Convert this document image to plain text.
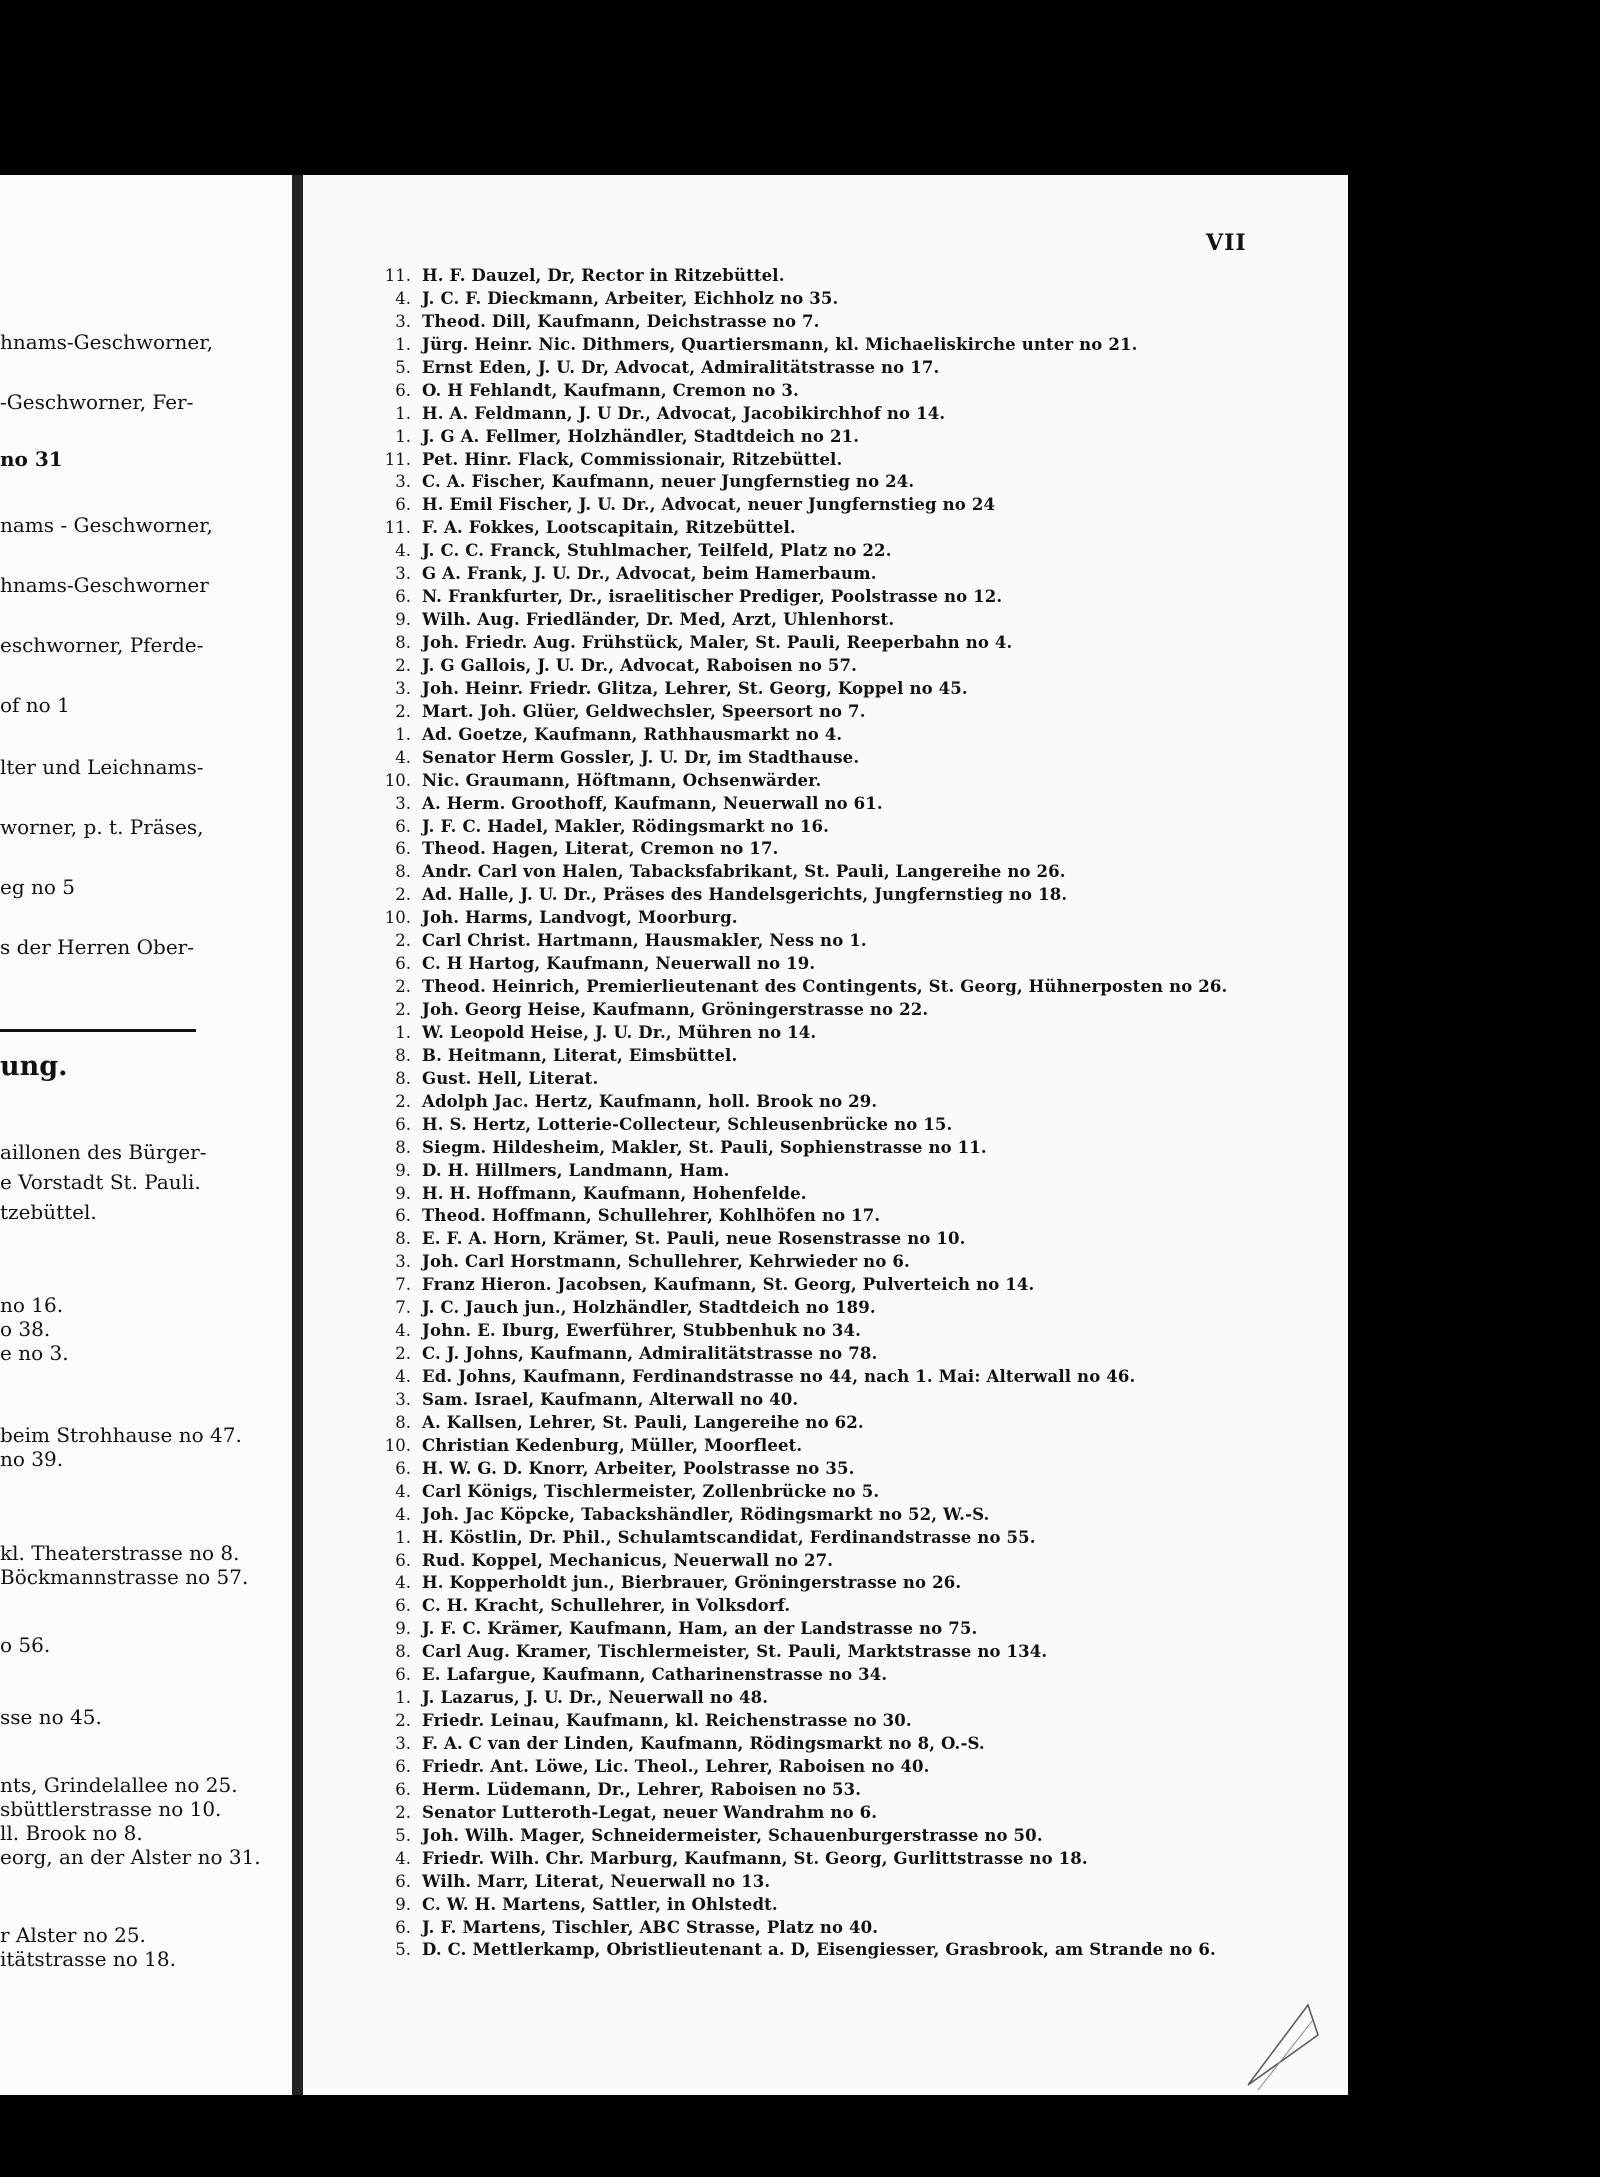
hnams-Geschworner,
-Geschworner, Fer-
no 31
nams - Geschworner,
hnams-Geschworner
eschworner, Pferde-
of no 1
lter und Leichnams-
worner, p. t. Präses,
eg no 5
s der Herren Ober-
ung.
aillonen des Bürger-
e Vorstadt St. Pauli.
tzebüttel.
no 16.
o 38.
e no 3.
beim Strohhause no 47.
no 39.
kl. Theaterstrasse no 8.
Böckmannstrasse no 57.
o 56.
sse no 45.
nts, Grindelallee no 25.
sbüttlerstrasse no 10.
ll. Brook no 8.
eorg, an der Alster no 31.
r Alster no 25.
itätstrasse no 18.
VII
11. H. F. Dauzel, Dr, Rector in Ritzebüttel.
4. J. C. F. Dieckmann, Arbeiter, Eichholz no 35.
3. Theod. Dill, Kaufmann, Deichstrasse no 7.
1. Jürg. Heinr. Nic. Dithmers, Quartiersmann, kl. Michaeliskirche unter no 21.
5. Ernst Eden, J. U. Dr, Advocat, Admiralitätstrasse no 17.
6. O. H Fehlandt, Kaufmann, Cremon no 3.
1. H. A. Feldmann, J. U Dr., Advocat, Jacobikirchhof no 14.
1. J. G A. Fellmer, Holzhändler, Stadtdeich no 21.
11. Pet. Hinr. Flack, Commissionair, Ritzebüttel.
3. C. A. Fischer, Kaufmann, neuer Jungfernstieg no 24.
6. H. Emil Fischer, J. U. Dr., Advocat, neuer Jungfernstieg no 24
11. F. A. Fokkes, Lootscapitain, Ritzebüttel.
4. J. C. C. Franck, Stuhlmacher, Teilfeld, Platz no 22.
3. G A. Frank, J. U. Dr., Advocat, beim Hamerbaum.
6. N. Frankfurter, Dr., israelitischer Prediger, Poolstrasse no 12.
9. Wilh. Aug. Friedländer, Dr. Med, Arzt, Uhlenhorst.
8. Joh. Friedr. Aug. Frühstück, Maler, St. Pauli, Reeperbahn no 4.
2. J. G Gallois, J. U. Dr., Advocat, Raboisen no 57.
3. Joh. Heinr. Friedr. Glitza, Lehrer, St. Georg, Koppel no 45.
2. Mart. Joh. Glüer, Geldwechsler, Speersort no 7.
1. Ad. Goetze, Kaufmann, Rathhausmarkt no 4.
4. Senator Herm Gossler, J. U. Dr, im Stadthause.
10. Nic. Graumann, Höftmann, Ochsenwärder.
3. A. Herm. Groothoff, Kaufmann, Neuerwall no 61.
6. J. F. C. Hadel, Makler, Rödingsmarkt no 16.
6. Theod. Hagen, Literat, Cremon no 17.
8. Andr. Carl von Halen, Tabacksfabrikant, St. Pauli, Langereihe no 26.
2. Ad. Halle, J. U. Dr., Präses des Handelsgerichts, Jungfernstieg no 18.
10. Joh. Harms, Landvogt, Moorburg.
2. Carl Christ. Hartmann, Hausmakler, Ness no 1.
6. C. H Hartog, Kaufmann, Neuerwall no 19.
2. Theod. Heinrich, Premierlieutenant des Contingents, St. Georg, Hühnerposten no 26.
2. Joh. Georg Heise, Kaufmann, Gröningerstrasse no 22.
1. W. Leopold Heise, J. U. Dr., Mühren no 14.
8. B. Heitmann, Literat, Eimsbüttel.
8. Gust. Hell, Literat.
2. Adolph Jac. Hertz, Kaufmann, holl. Brook no 29.
6. H. S. Hertz, Lotterie-Collecteur, Schleusenbrücke no 15.
8. Siegm. Hildesheim, Makler, St. Pauli, Sophienstrasse no 11.
9. D. H. Hillmers, Landmann, Ham.
9. H. H. Hoffmann, Kaufmann, Hohenfelde.
6. Theod. Hoffmann, Schullehrer, Kohlhöfen no 17.
8. E. F. A. Horn, Krämer, St. Pauli, neue Rosenstrasse no 10.
3. Joh. Carl Horstmann, Schullehrer, Kehrwieder no 6.
7. Franz Hieron. Jacobsen, Kaufmann, St. Georg, Pulverteich no 14.
7. J. C. Jauch jun., Holzhändler, Stadtdeich no 189.
4. John. E. Iburg, Ewerführer, Stubbenhuk no 34.
2. C. J. Johns, Kaufmann, Admiralitätstrasse no 78.
4. Ed. Johns, Kaufmann, Ferdinandstrasse no 44, nach 1. Mai: Alterwall no 46.
3. Sam. Israel, Kaufmann, Alterwall no 40.
8. A. Kallsen, Lehrer, St. Pauli, Langereihe no 62.
10. Christian Kedenburg, Müller, Moorfleet.
6. H. W. G. D. Knorr, Arbeiter, Poolstrasse no 35.
4. Carl Königs, Tischlermeister, Zollenbrücke no 5.
4. Joh. Jac Köpcke, Tabackshändler, Rödingsmarkt no 52, W.-S.
1. H. Köstlin, Dr. Phil., Schulamtscandidat, Ferdinandstrasse no 55.
6. Rud. Koppel, Mechanicus, Neuerwall no 27.
4. H. Kopperholdt jun., Bierbrauer, Gröningerstrasse no 26.
6. C. H. Kracht, Schullehrer, in Volksdorf.
9. J. F. C. Krämer, Kaufmann, Ham, an der Landstrasse no 75.
8. Carl Aug. Kramer, Tischlermeister, St. Pauli, Marktstrasse no 134.
6. E. Lafargue, Kaufmann, Catharinenstrasse no 34.
1. J. Lazarus, J. U. Dr., Neuerwall no 48.
2. Friedr. Leinau, Kaufmann, kl. Reichenstrasse no 30.
3. F. A. C van der Linden, Kaufmann, Rödingsmarkt no 8, O.-S.
6. Friedr. Ant. Löwe, Lic. Theol., Lehrer, Raboisen no 40.
6. Herm. Lüdemann, Dr., Lehrer, Raboisen no 53.
2. Senator Lutteroth-Legat, neuer Wandrahm no 6.
5. Joh. Wilh. Mager, Schneidermeister, Schauenburgerstrasse no 50.
4. Friedr. Wilh. Chr. Marburg, Kaufmann, St. Georg, Gurlittstrasse no 18.
6. Wilh. Marr, Literat, Neuerwall no 13.
9. C. W. H. Martens, Sattler, in Ohlstedt.
6. J. F. Martens, Tischler, ABC Strasse, Platz no 40.
5. D. C. Mettlerkamp, Obristlieutenant a. D, Eisengiesser, Grasbrook, am Strande no 6.
